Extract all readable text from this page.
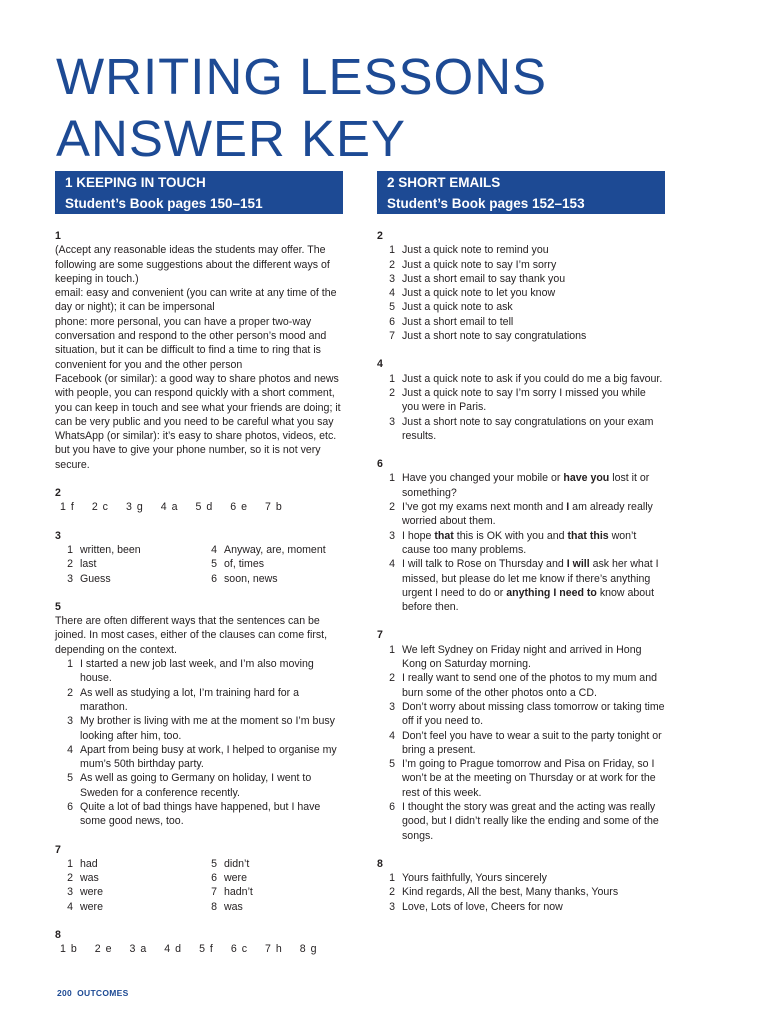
WRITING LESSONS
ANSWER KEY
1 KEEPING IN TOUCH
Student’s Book pages 150–151
1

(Accept any reasonable ideas the students may offer. The following are some suggestions about the different ways of keeping in touch.)

email: easy and convenient (you can write at any time of the day or night); it can be impersonal

phone: more personal, you can have a proper two-way conversation and respond to the other person’s mood and situation, but it can be difficult to find a time to ring that is convenient for you and the other person

Facebook (or similar): a good way to share photos and news with people, you can respond quickly with a short comment, you can keep in touch and see what your friends are doing; it can be very public and you need to be careful what you say

WhatsApp (or similar): it’s easy to share photos, videos, etc. but you have to give your phone number, so it is not very secure.

2
1 f 2 c 3 g 4 a 5 d 6 e 7 b
3
1 written, been	4 Anyway, are, moment
2 last	5 of, times
3 Guess	6 soon, news
5

There are often different ways that the sentences can be joined. In most cases, either of the clauses can come first, depending on the context.

1 I started a new job last week, and I’m also moving house.
2 As well as studying a lot, I’m training hard for a marathon.
3 My brother is living with me at the moment so I’m busy looking after him, too.
4 Apart from being busy at work, I helped to organise my mum’s 50th birthday party.
5 As well as going to Germany on holiday, I went to Sweden for a conference recently.
6 Quite a lot of bad things have happened, but I have some good news, too.
7
1 had	5 didn’t
2 was	6 were
3 were	7 hadn’t
4 were	8 was
8
1 b 2 e 3 a 4 d 5 f 6 c 7 h 8 g
2 SHORT EMAILS
Student’s Book pages 152–153
2
1 Just a quick note to remind you
2 Just a quick note to say I’m sorry
3 Just a short email to say thank you
4 Just a quick note to let you know
5 Just a quick note to ask
6 Just a short email to tell
7 Just a short note to say congratulations
4
1 Just a quick note to ask if you could do me a big favour.
2 Just a quick note to say I’m sorry I missed you while you were in Paris.
3 Just a short note to say congratulations on your exam results.
6
1 Have you changed your mobile or have you lost it or something?
2 I’ve got my exams next month and I am already really worried about them.
3 I hope that this is OK with you and that this won’t cause too many problems.
4 I will talk to Rose on Thursday and I will ask her what I missed, but please do let me know if there’s anything urgent I need to do or anything I need to know about before then.
7
1 We left Sydney on Friday night and arrived in Hong Kong on Saturday morning.
2 I really want to send one of the photos to my mum and burn some of the other photos onto a CD.
3 Don’t worry about missing class tomorrow or taking time off if you need to.
4 Don’t feel you have to wear a suit to the party tonight or bring a present.
5 I’m going to Prague tomorrow and Pisa on Friday, so I won’t be at the meeting on Thursday or at work for the rest of this week.
6 I thought the story was great and the acting was really good, but I didn’t really like the ending and some of the songs.
8
1 Yours faithfully, Yours sincerely
2 Kind regards, All the best, Many thanks, Yours
3 Love, Lots of love, Cheers for now
200 OUTCOMES
